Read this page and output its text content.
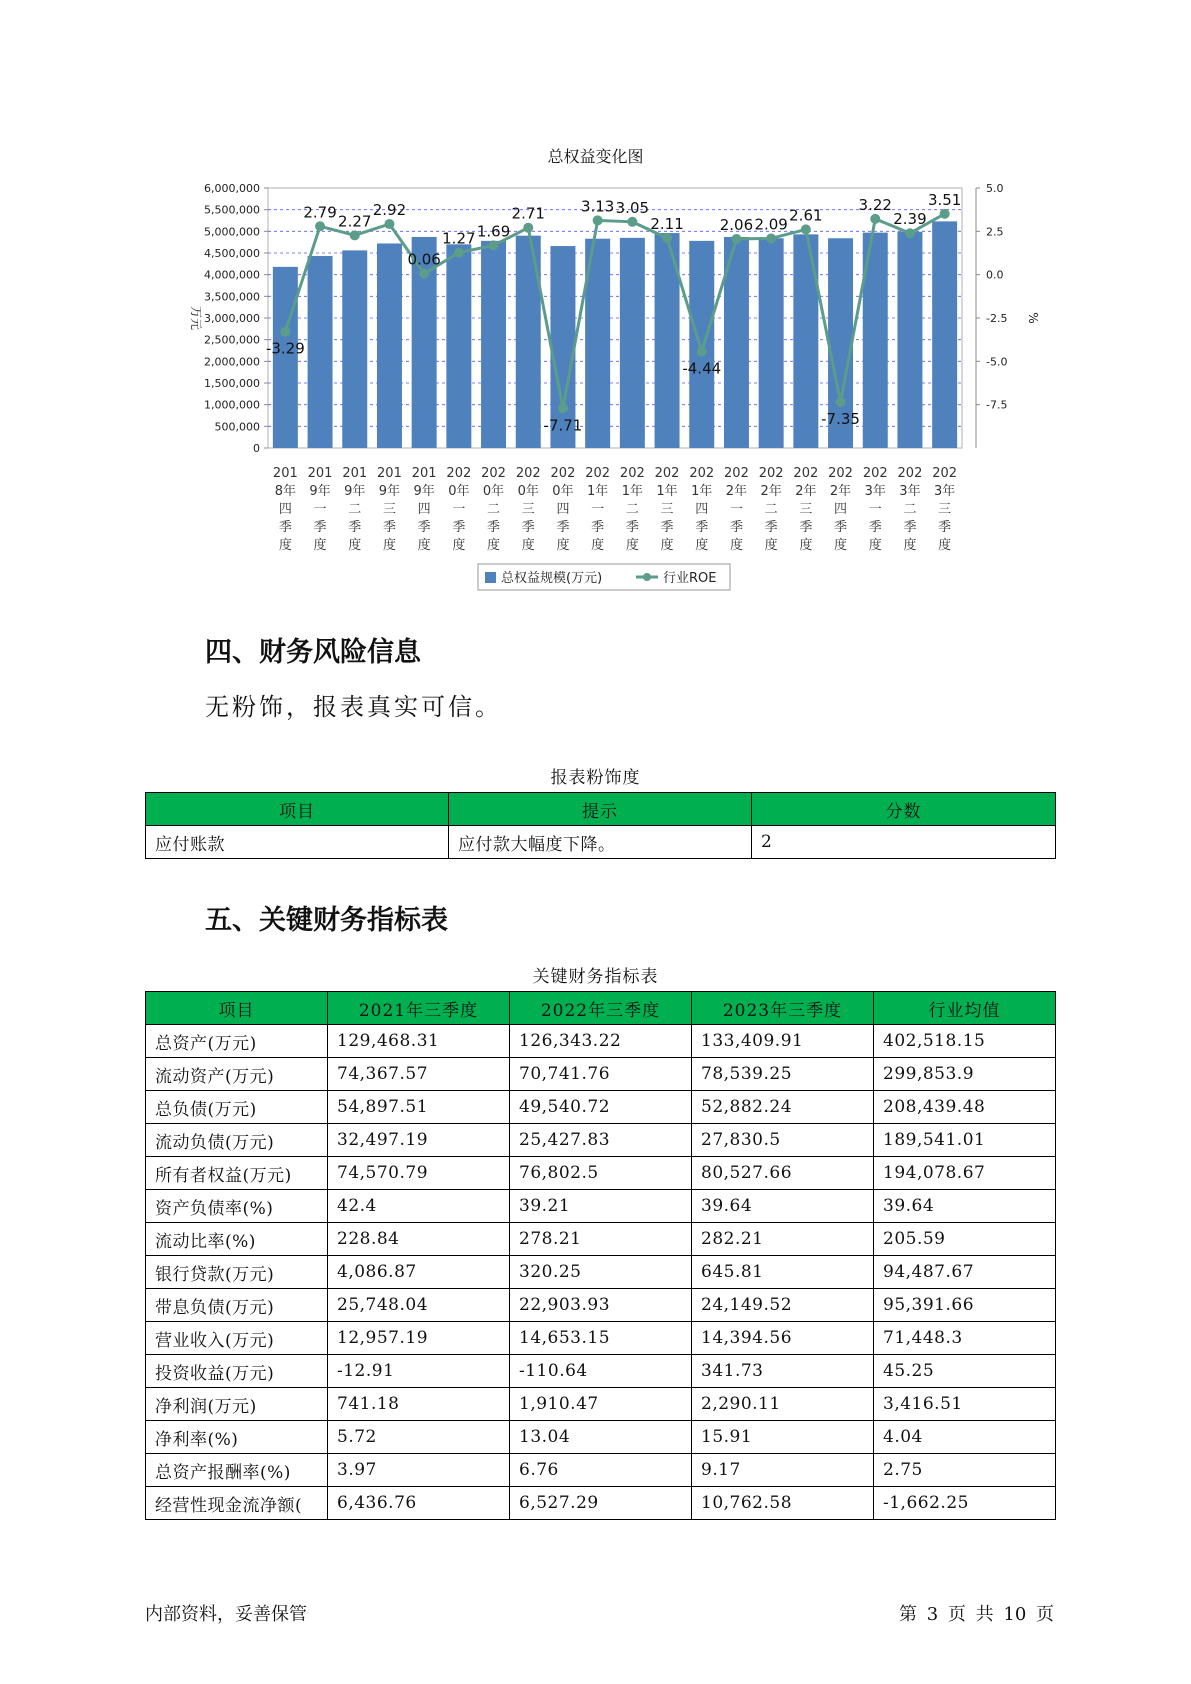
总权益变化图
0
500,000
1,000,000
1,500,000
2,000,000
2,500,000
3,000,000
3,500,000
4,000,000
4,500,000
5,000,000
5,500,000
6,000,000
万元
5.0
2.5
0.0
-2.5
-5.0
-7.5
%
-3.29
2.79
2.27
2.92
0.06
1.27 1.69
2.71
-7.71
3.13 3.05
2.11
-4.44
2.06 2.09
2.61
-7.35
3.22
2.39
3.51
201
8年
四
季
度
201
9年
一
季
度
201
9年
二
季
度
201
9年
三
季
度
201
9年
四
季
度
202
0年
一
季
度
202
0年
二
季
度
202
0年
三
季
度
202
0年
四
季
度
202
1年
一
季
度
202
1年
二
季
度
202
1年
三
季
度
202
1年
四
季
度
202
2年
一
季
度
202
2年
二
季
度
202
2年
三
季
度
202
2年
四
季
度
202
3年
一
季
度
202
3年
二
季
度
202
3年
三
季
度
总权益规模(万元)	行业ROE
四、财务风险信息

无粉饰，报表真实可信。

报表粉饰度
项目	提示	分数
应付账款	应付款大幅度下降。	2
五、关键财务指标表
关键财务指标表
项目	2021年三季度	2022年三季度	2023年三季度	行业均值
总资产(万元)	129,468.31	126,343.22	133,409.91	402,518.15
流动资产(万元)	74,367.57	70,741.76	78,539.25	299,853.9
总负债(万元)	54,897.51	49,540.72	52,882.24	208,439.48
流动负债(万元)	32,497.19	25,427.83	27,830.5	189,541.01
所有者权益(万元)	74,570.79	76,802.5	80,527.66	194,078.67
资产负债率(%)	42.4	39.21	39.64	39.64
流动比率(%)	228.84	278.21	282.21	205.59
银行贷款(万元)	4,086.87	320.25	645.81	94,487.67
带息负债(万元)	25,748.04	22,903.93	24,149.52	95,391.66
营业收入(万元)	12,957.19	14,653.15	14,394.56	71,448.3
投资收益(万元)	-12.91	-110.64	341.73	45.25
净利润(万元)	741.18	1,910.47	2,290.11	3,416.51
净利率(%)	5.72	13.04	15.91	4.04
总资产报酬率(%)	3.97	6.76	9.17	2.75
经营性现金流净额(	6,436.76	6,527.29	10,762.58	-1,662.25
内部资料，妥善保管	第 3 页 共 10 页
